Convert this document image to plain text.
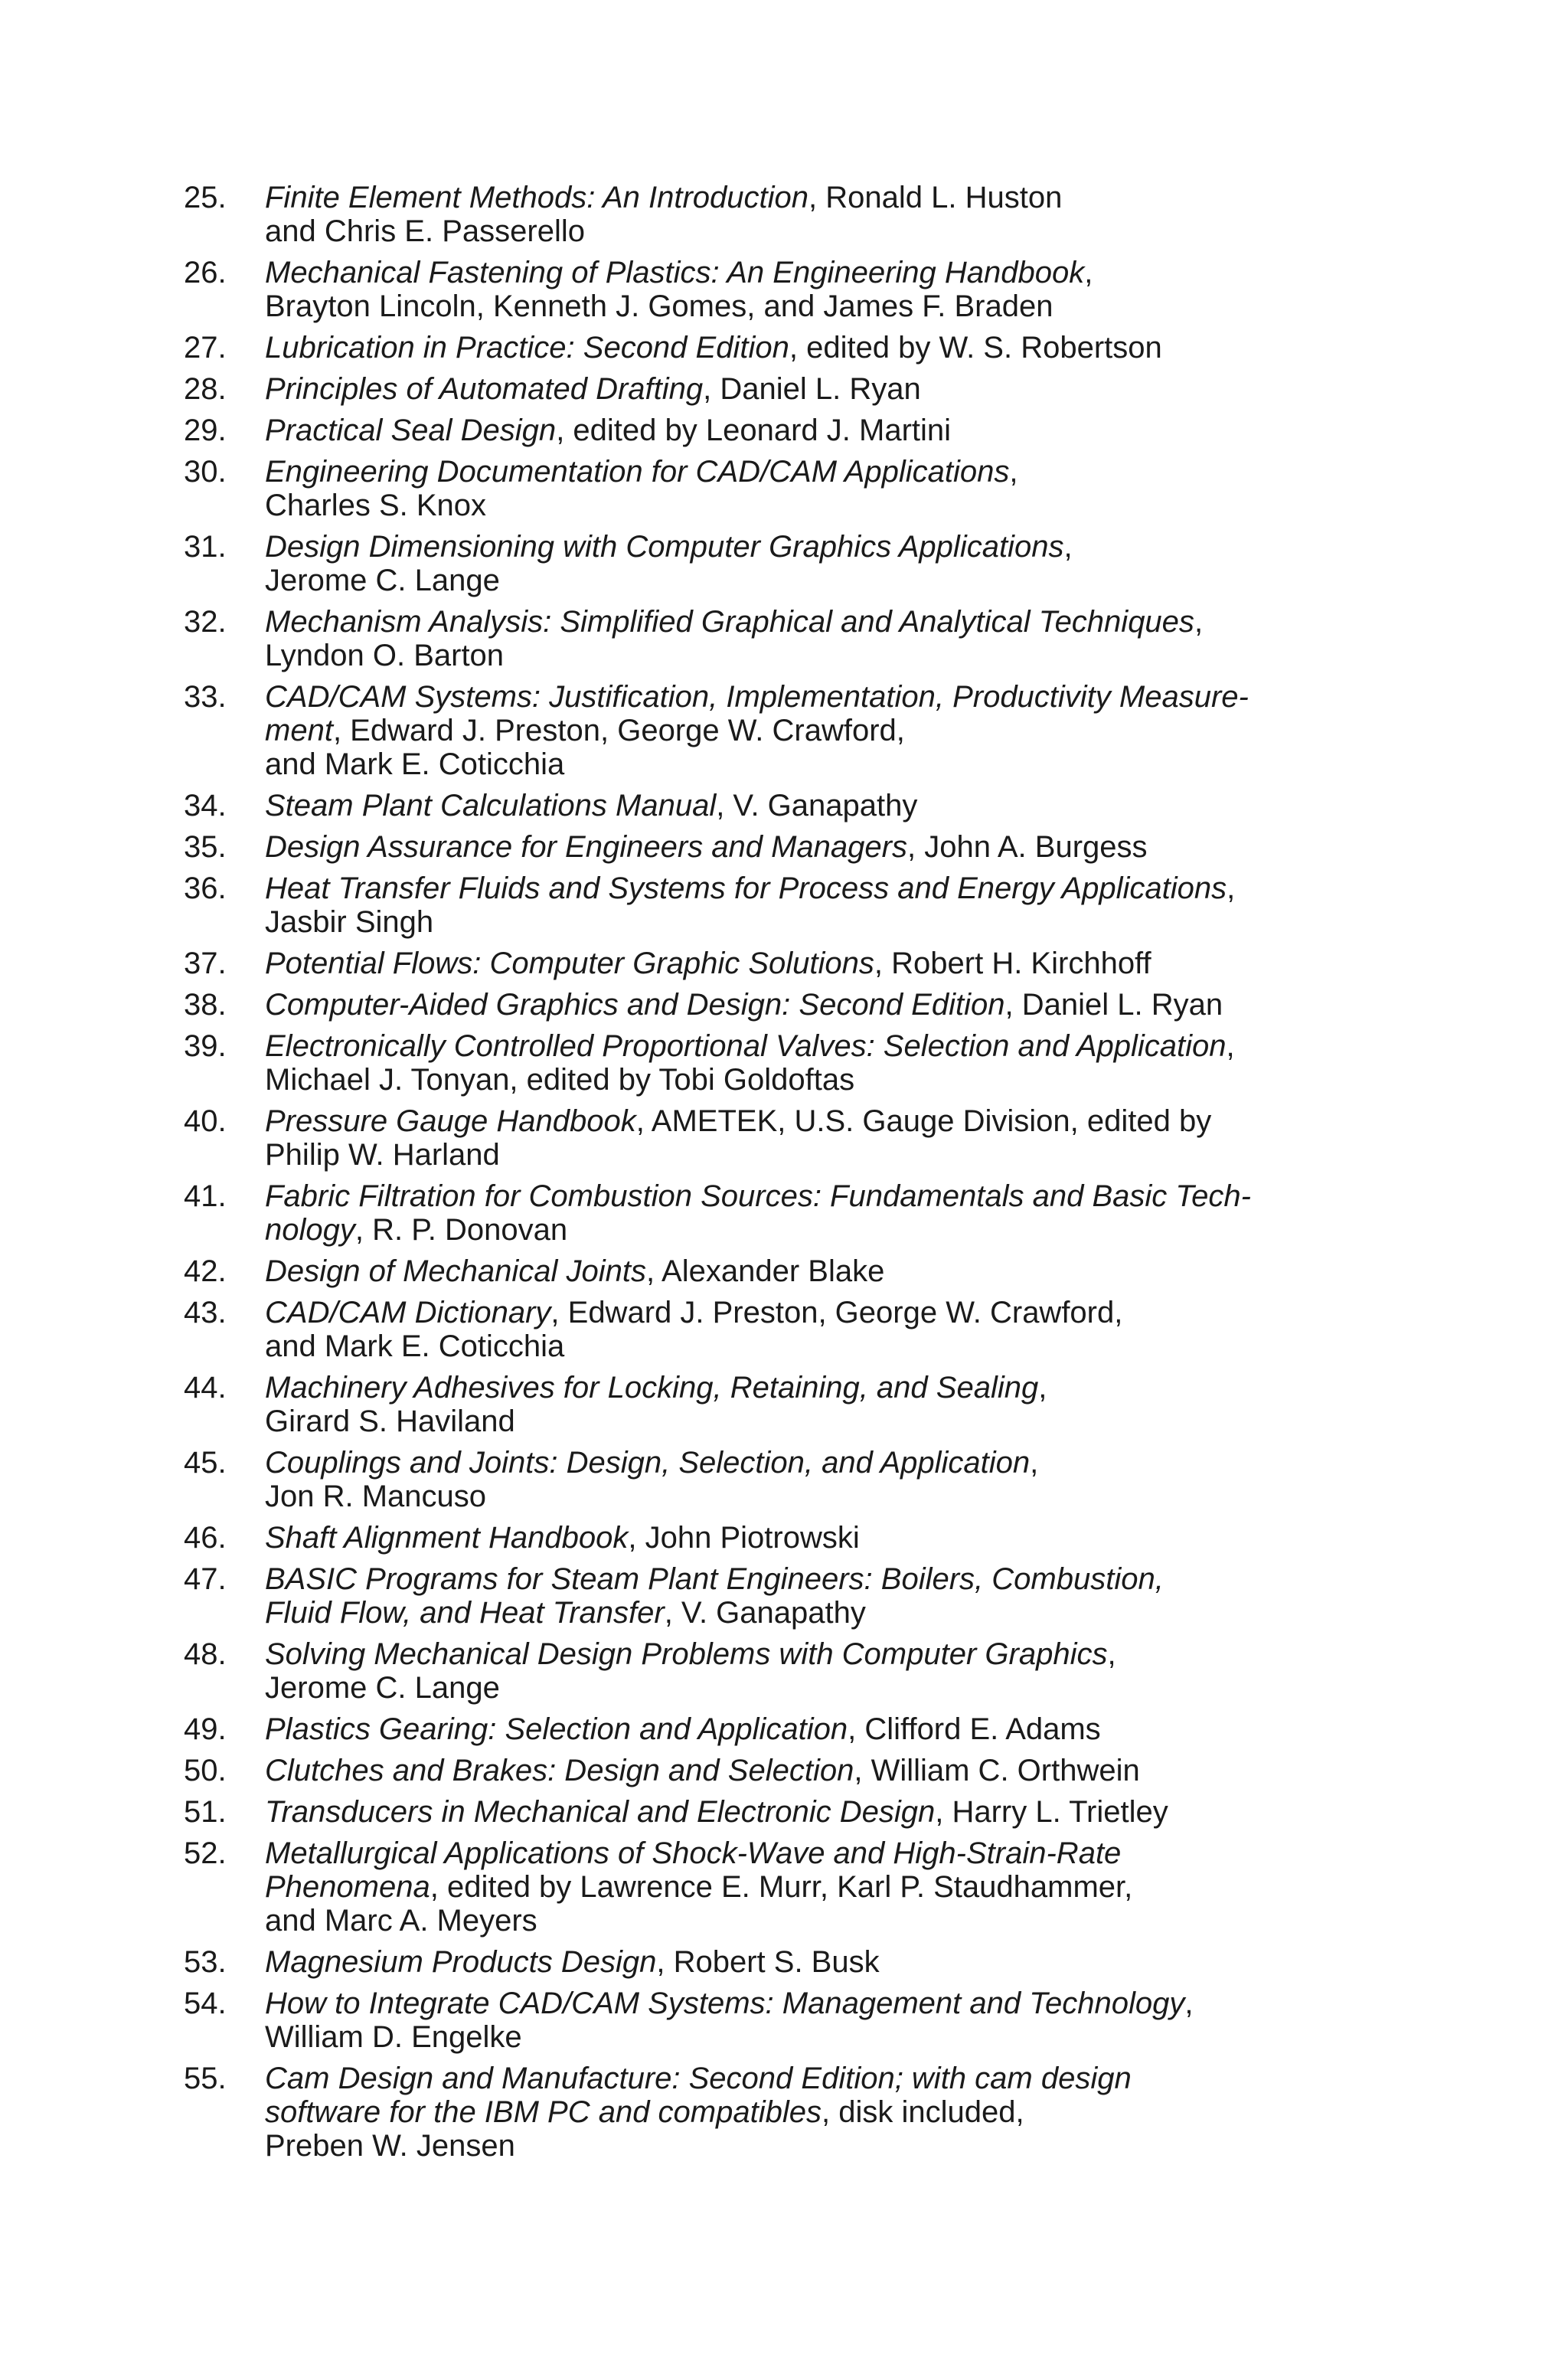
25. Finite Element Methods: An Introduction, Ronald L. Huston
and Chris E. Passerello
26. Mechanical Fastening of Plastics: An Engineering Handbook,
Brayton Lincoln, Kenneth J. Gomes, and James F. Braden
27. Lubrication in Practice: Second Edition, edited by W. S. Robertson
28. Principles of Automated Drafting, Daniel L. Ryan
29. Practical Seal Design, edited by Leonard J. Martini
30. Engineering Documentation for CAD/CAM Applications,
Charles S. Knox
31. Design Dimensioning with Computer Graphics Applications,
Jerome C. Lange
32. Mechanism Analysis: Simplified Graphical and Analytical Techniques,
Lyndon O. Barton
33. CAD/CAM Systems: Justification, Implementation, Productivity Measure-
ment, Edward J. Preston, George W. Crawford,
and Mark E. Coticchia
34. Steam Plant Calculations Manual, V. Ganapathy
35. Design Assurance for Engineers and Managers, John A. Burgess
36. Heat Transfer Fluids and Systems for Process and Energy Applications,
Jasbir Singh
37. Potential Flows: Computer Graphic Solutions, Robert H. Kirchhoff
38. Computer-Aided Graphics and Design: Second Edition, Daniel L. Ryan
39. Electronically Controlled Proportional Valves: Selection and Application,
Michael J. Tonyan, edited by Tobi Goldoftas
40. Pressure Gauge Handbook, AMETEK, U.S. Gauge Division, edited by
Philip W. Harland
41. Fabric Filtration for Combustion Sources: Fundamentals and Basic Tech-
nology, R. P. Donovan
42. Design of Mechanical Joints, Alexander Blake
43. CAD/CAM Dictionary, Edward J. Preston, George W. Crawford,
and Mark E. Coticchia
44. Machinery Adhesives for Locking, Retaining, and Sealing,
Girard S. Haviland
45. Couplings and Joints: Design, Selection, and Application,
Jon R. Mancuso
46. Shaft Alignment Handbook, John Piotrowski
47. BASIC Programs for Steam Plant Engineers: Boilers, Combustion,
Fluid Flow, and Heat Transfer, V. Ganapathy
48. Solving Mechanical Design Problems with Computer Graphics,
Jerome C. Lange
49. Plastics Gearing: Selection and Application, Clifford E. Adams
50. Clutches and Brakes: Design and Selection, William C. Orthwein
51. Transducers in Mechanical and Electronic Design, Harry L. Trietley
52. Metallurgical Applications of Shock-Wave and High-Strain-Rate
Phenomena, edited by Lawrence E. Murr, Karl P. Staudhammer,
and Marc A. Meyers
53. Magnesium Products Design, Robert S. Busk
54. How to Integrate CAD/CAM Systems: Management and Technology,
William D. Engelke
55. Cam Design and Manufacture: Second Edition; with cam design
software for the IBM PC and compatibles, disk included,
Preben W. Jensen
